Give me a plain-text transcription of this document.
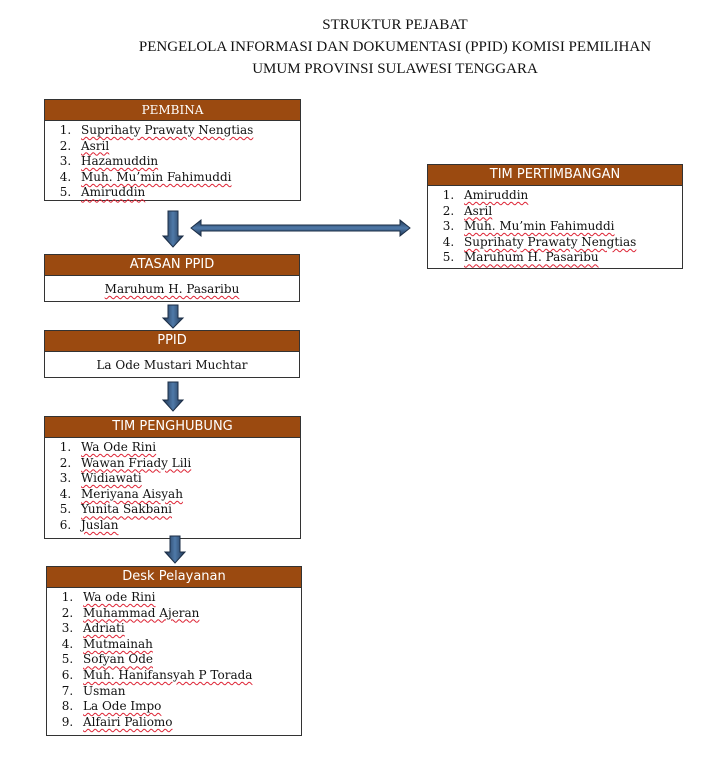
STRUKTUR PEJABAT
PENGELOLA INFORMASI DAN DOKUMENTASI (PPID) KOMISI PEMILIHAN
UMUM PROVINSI SULAWESI TENGGARA
PEMBINA
1. Suprihaty Prawaty Nengtias
2. Asril
3. Hazamuddin
4. Muh. Mu’min Fahimuddi
5. Amiruddin
TIM PERTIMBANGAN
1. Amiruddin
2. Asril
3. Muh. Mu’min Fahimuddi
4. Suprihaty Prawaty Nengtias
5. Maruhum H. Pasaribu
ATASAN PPID
Maruhum H. Pasaribu
PPID
La Ode Mustari Muchtar
TIM PENGHUBUNG
1. Wa Ode Rini
2. Wawan Friady Lili
3. Widiawati
4. Meriyana Aisyah
5. Yunita Sakbani
6. Juslan
Desk Pelayanan
1. Wa ode Rini
2. Muhammad Ajeran
3. Adriati
4. Mutmainah
5. Sofyan Ode
6. Muh. Hanifansyah P Torada
7. Usman
8. La Ode Impo
9. Alfairi Paliomo
